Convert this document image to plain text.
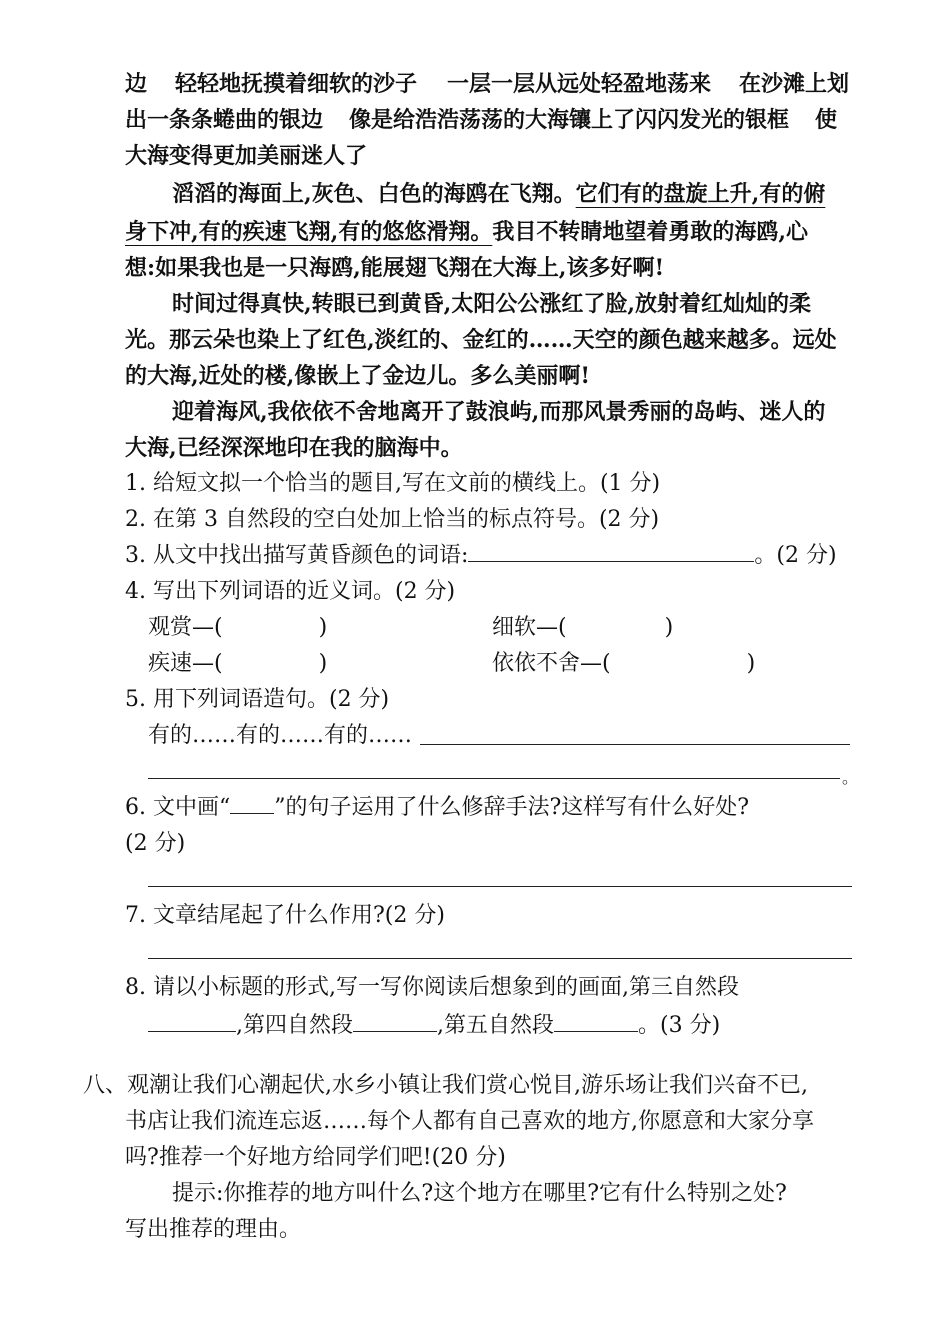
边 轻轻地抚摸着细软的沙子 一层一层从远处轻盈地荡来 在沙滩上划
出一条条蜷曲的银边 像是给浩浩荡荡的大海镶上了闪闪发光的银框 使
大海变得更加美丽迷人了
滔滔的海面上,灰色、白色的海鸥在飞翔。它们有的盘旋上升,有的俯
身下冲,有的疾速飞翔,有的悠悠滑翔。我目不转睛地望着勇敢的海鸥,心
想:如果我也是一只海鸥,能展翅飞翔在大海上,该多好啊!
时间过得真快,转眼已到黄昏,太阳公公涨红了脸,放射着红灿灿的柔
光。那云朵也染上了红色,淡红的、金红的……天空的颜色越来越多。远处
的大海,近处的楼,像嵌上了金边儿。多么美丽啊!
迎着海风,我依依不舍地离开了鼓浪屿,而那风景秀丽的岛屿、迷人的
大海,已经深深地印在我的脑海中。
1. 给短文拟一个恰当的题目,写在文前的横线上。(1 分)
2. 在第 3 自然段的空白处加上恰当的标点符号。(2 分)
3. 从文中找出描写黄昏颜色的词语:	。(2 分)
4. 写出下列词语的近义词。(2 分)
观赏—(	)	细软—(	)
疾速—(	)	依依不舍—(	)
5. 用下列词语造句。(2 分)
有的……有的……有的……
。
6. 文中画“ ”的句子运用了什么修辞手法?这样写有什么好处?
(2 分)
7. 文章结尾起了什么作用?(2 分)
8. 请以小标题的形式,写一写你阅读后想象到的画面,第三自然段
,第四自然段	,第五自然段	。(3 分)
八、观潮让我们心潮起伏,水乡小镇让我们赏心悦目,游乐场让我们兴奋不已,
书店让我们流连忘返……每个人都有自己喜欢的地方,你愿意和大家分享
吗?推荐一个好地方给同学们吧!(20 分)
提示:你推荐的地方叫什么?这个地方在哪里?它有什么特别之处?
写出推荐的理由。
